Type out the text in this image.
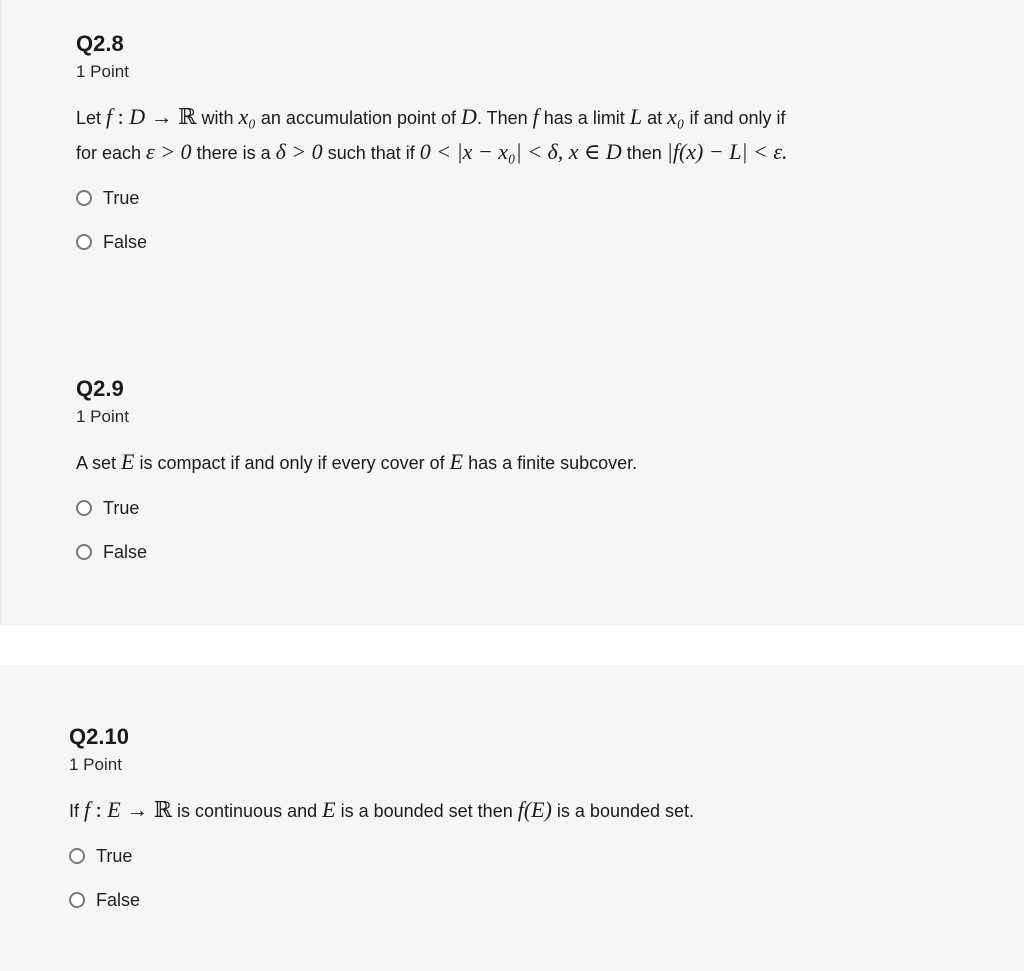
Q2.8
1 Point
Let f : D → ℝ with x₀ an accumulation point of D. Then f has a limit L at x₀ if and only if
for each ε > 0 there is a δ > 0 such that if 0 < |x − x₀| < δ, x ∈ D then |f(x) − L| < ε.
True
False
Q2.9
1 Point
A set E is compact if and only if every cover of E has a finite subcover.
True
False
Q2.10
1 Point
If f : E → ℝ is continuous and E is a bounded set then f(E) is a bounded set.
True
False
